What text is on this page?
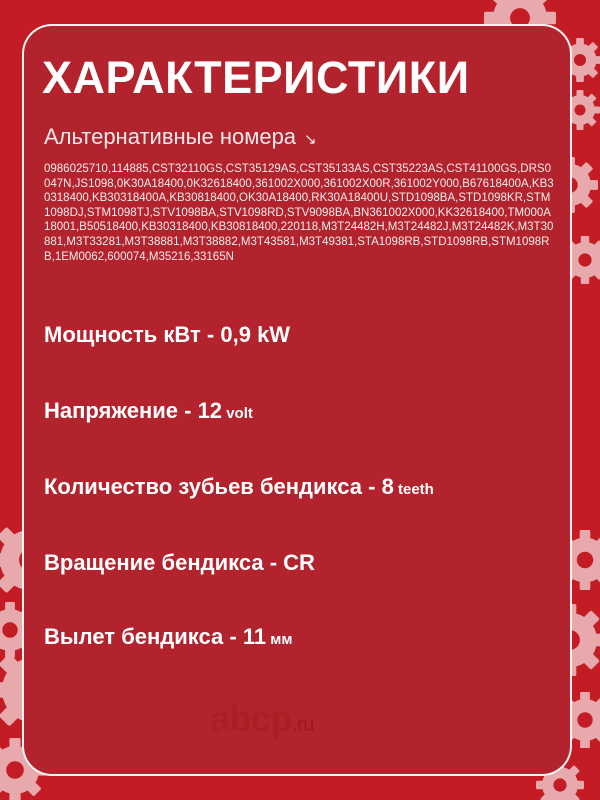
ХАРАКТЕРИСТИКИ
Альтернативные номера ↘
0986025710,114885,CST32110GS,CST35129AS,CST35133AS,CST35223AS,CST41100GS,DRS0047N,JS1098,0K30A18400,0K32618400,361002X000,361002X00R,361002Y000,B67618400A,KB30318400,KB30318400A,KB30818400,OK30A18400,RK30A18400U,STD1098BA,STD1098KR,STM1098DJ,STM1098TJ,STV1098BA,STV1098RD,STV9098BA,BN361002X000,KK32618400,TM000A18001,B50518400,KB30318400,KB30818400,220118,M3T24482H,M3T24482J,M3T24482K,M3T30881,M3T33281,M3T38881,M3T38882,M3T43581,M3T49381,STA1098RB,STD1098RB,STM1098RB,1EM0062,600074,M35216,33165N
Мощность кВт - 0,9 kW
Напряжение - 12 volt
Количество зубьев бендикса - 8 teeth
Вращение бендикса - CR
Вылет бендикса - 11 мм
abcp.ru
